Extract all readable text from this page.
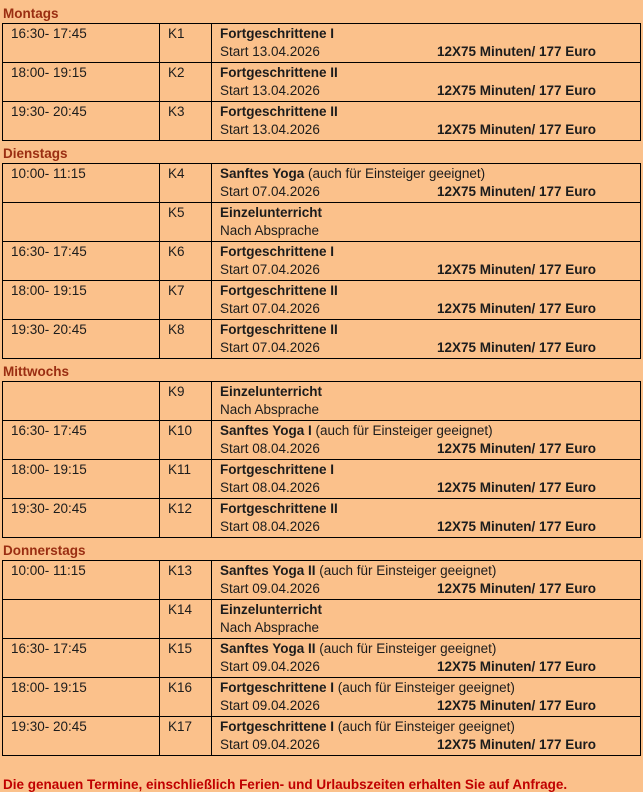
Montags
16:30- 17:45	K1	Fortgeschrittene I
Start 13.04.2026 12X75 Minuten/ 177 Euro

18:00- 19:15	K2	Fortgeschrittene II
Start 13.04.2026 12X75 Minuten/ 177 Euro

19:30- 20:45	K3	Fortgeschrittene II
Start 13.04.2026 12X75 Minuten/ 177 Euro
Dienstags
10:00- 11:15	K4	Sanftes Yoga (auch für Einsteiger geeignet)
Start 07.04.2026 12X75 Minuten/ 177 Euro

	K5	Einzelunterricht
Nach Absprache

16:30- 17:45	K6	Fortgeschrittene I
Start 07.04.2026 12X75 Minuten/ 177 Euro

18:00- 19:15	K7	Fortgeschrittene II
Start 07.04.2026 12X75 Minuten/ 177 Euro

19:30- 20:45	K8	Fortgeschrittene II
Start 07.04.2026 12X75 Minuten/ 177 Euro
Mittwochs
	K9	Einzelunterricht
Nach Absprache

16:30- 17:45	K10	Sanftes Yoga I (auch für Einsteiger geeignet)
Start 08.04.2026 12X75 Minuten/ 177 Euro

18:00- 19:15	K11	Fortgeschrittene I
Start 08.04.2026 12X75 Minuten/ 177 Euro

19:30- 20:45	K12	Fortgeschrittene II
Start 08.04.2026 12X75 Minuten/ 177 Euro
Donnerstags
10:00- 11:15	K13	Sanftes Yoga II (auch für Einsteiger geeignet)
Start 09.04.2026 12X75 Minuten/ 177 Euro

	K14	Einzelunterricht
Nach Absprache

16:30- 17:45	K15	Sanftes Yoga II (auch für Einsteiger geeignet)
Start 09.04.2026 12X75 Minuten/ 177 Euro

18:00- 19:15	K16	Fortgeschrittene I (auch für Einsteiger geeignet)
Start 09.04.2026 12X75 Minuten/ 177 Euro

19:30- 20:45	K17	Fortgeschrittene I (auch für Einsteiger geeignet)
Start 09.04.2026 12X75 Minuten/ 177 Euro
Die genauen Termine, einschließlich Ferien- und Urlaubszeiten erhalten Sie auf Anfrage.
